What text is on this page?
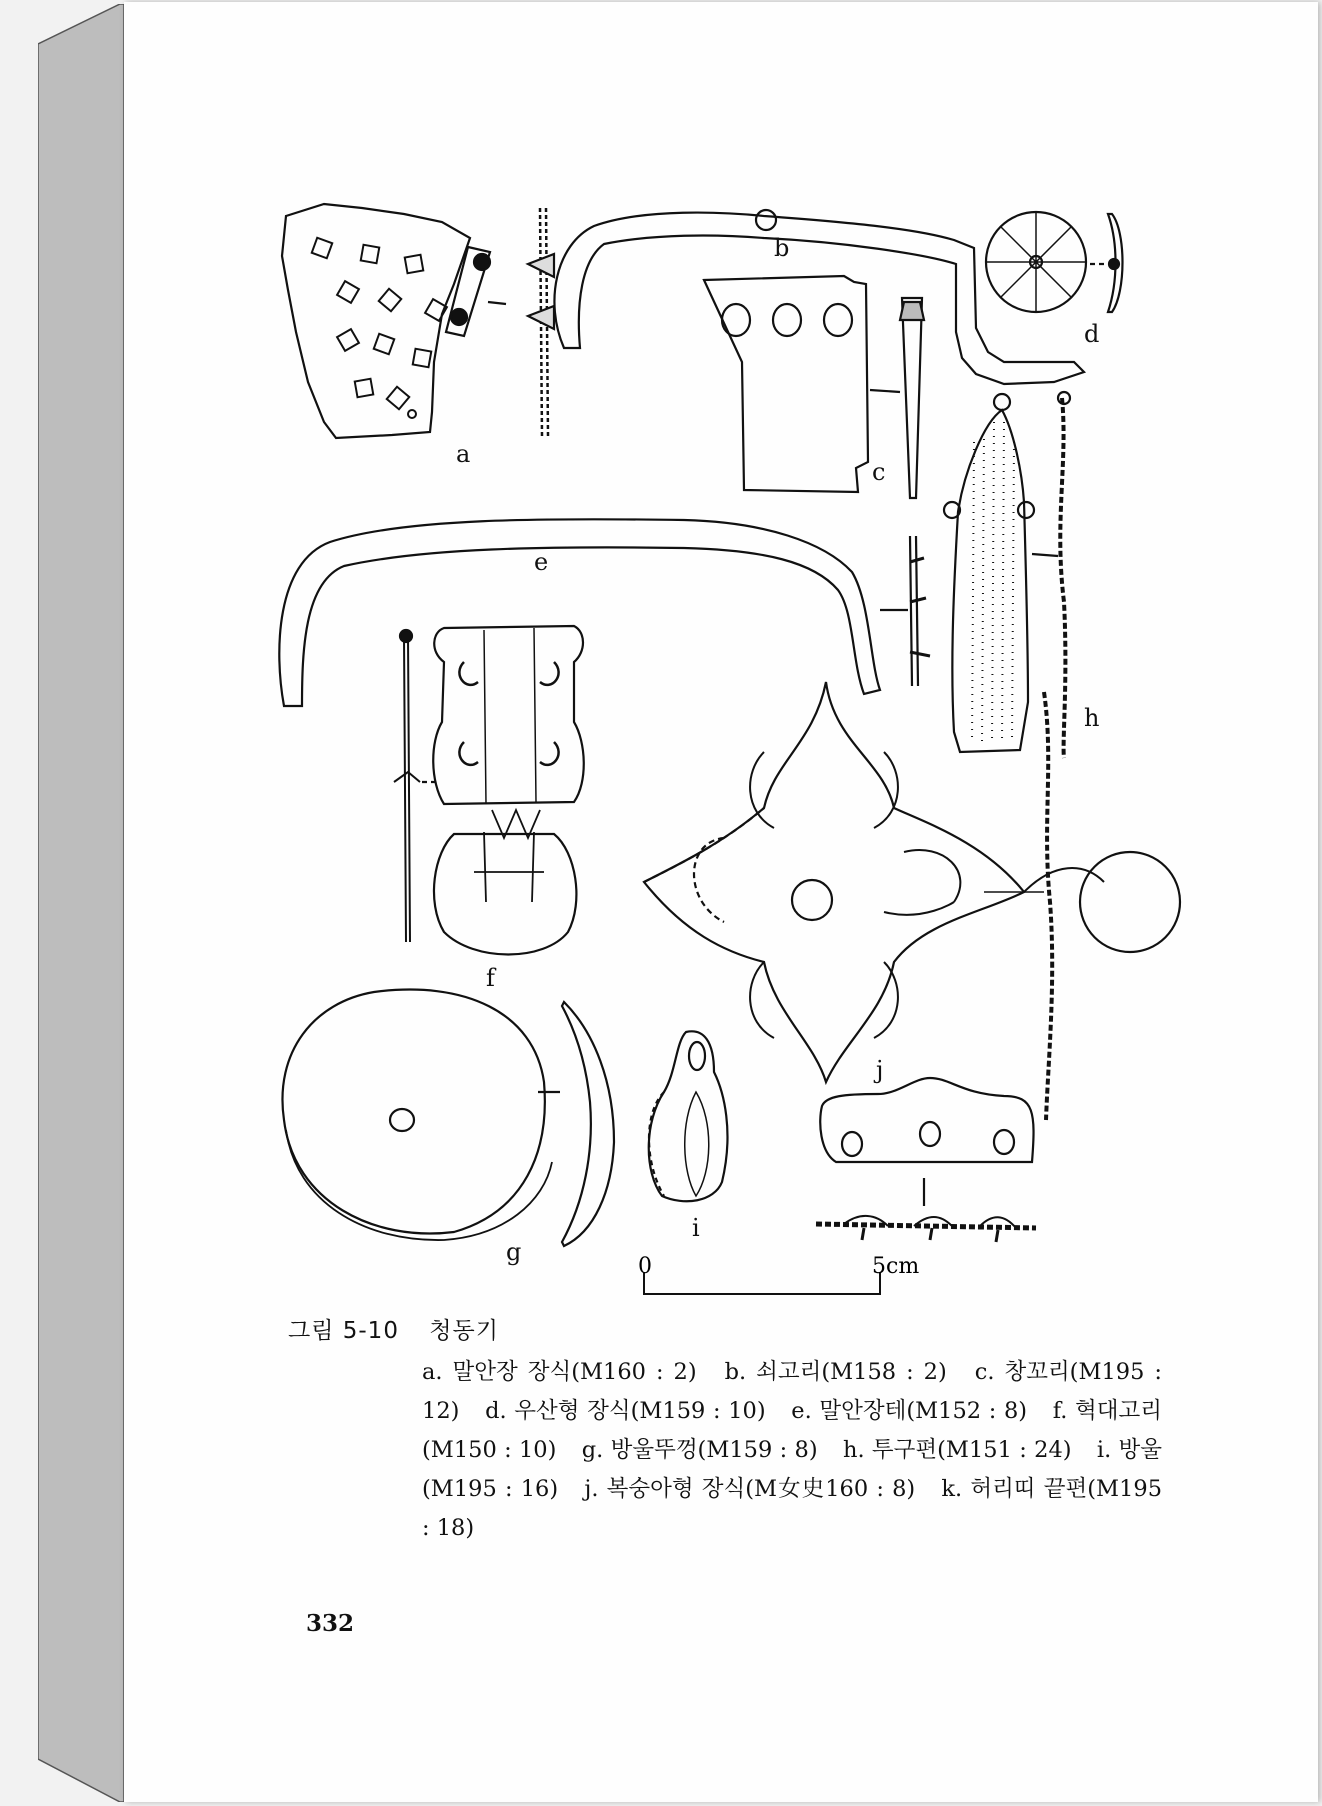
a
b
c
d
e
f
g
h
i
j
0	5cm
그림 5-10 청동기
a. 말안장 장식(M160 : 2) b. 쇠고리(M158 : 2) c. 창꼬리(M195 : 12) d. 우산형 장식(M159 : 10) e. 말안장테(M152 : 8) f. 혁대고리(M150 : 10) g. 방울뚜껑(M159 : 8) h. 투구편(M151 : 24) i. 방울(M195 : 16) j. 복숭아형 장식(M女史160 : 8) k. 허리띠 끝편(M195 : 18)
332
